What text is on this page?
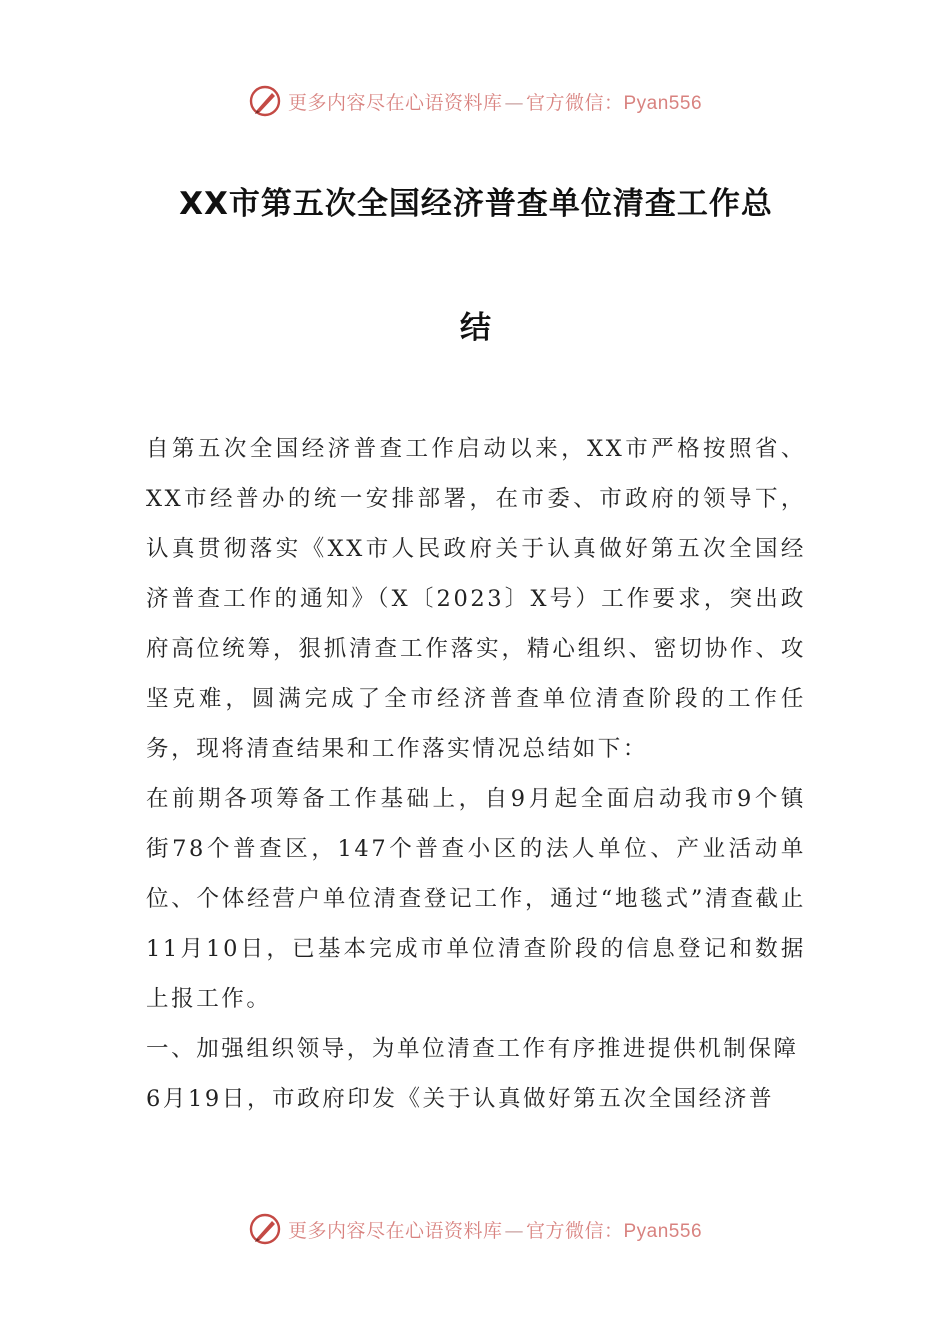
更多内容尽在心语资料库 — 官方微信：Pyan556
XX市第五次全国经济普查单位清查工作总
结

自第五次全国经济普查工作启动以来，XX市严格按照省、XX市经普办的统一安排部署，在市委、市政府的领导下，认真贯彻落实《XX市人民政府关于认真做好第五次全国经济普查工作的通知》（X〔2023〕X号）工作要求，突出政府高位统筹，狠抓清查工作落实，精心组织、密切协作、攻坚克难，圆满完成了全市经济普查单位清查阶段的工作任务，现将清查结果和工作落实情况总结如下：

在前期各项筹备工作基础上，自9月起全面启动我市9个镇街78个普查区，147个普查小区的法人单位、产业活动单位、个体经营户单位清查登记工作，通过“地毯式”清查截止11月10日，已基本完成市单位清查阶段的信息登记和数据上报工作。

一、加强组织领导，为单位清查工作有序推进提供机制保障

6月19日，市政府印发《关于认真做好第五次全国经济普

更多内容尽在心语资料库 — 官方微信：Pyan556
